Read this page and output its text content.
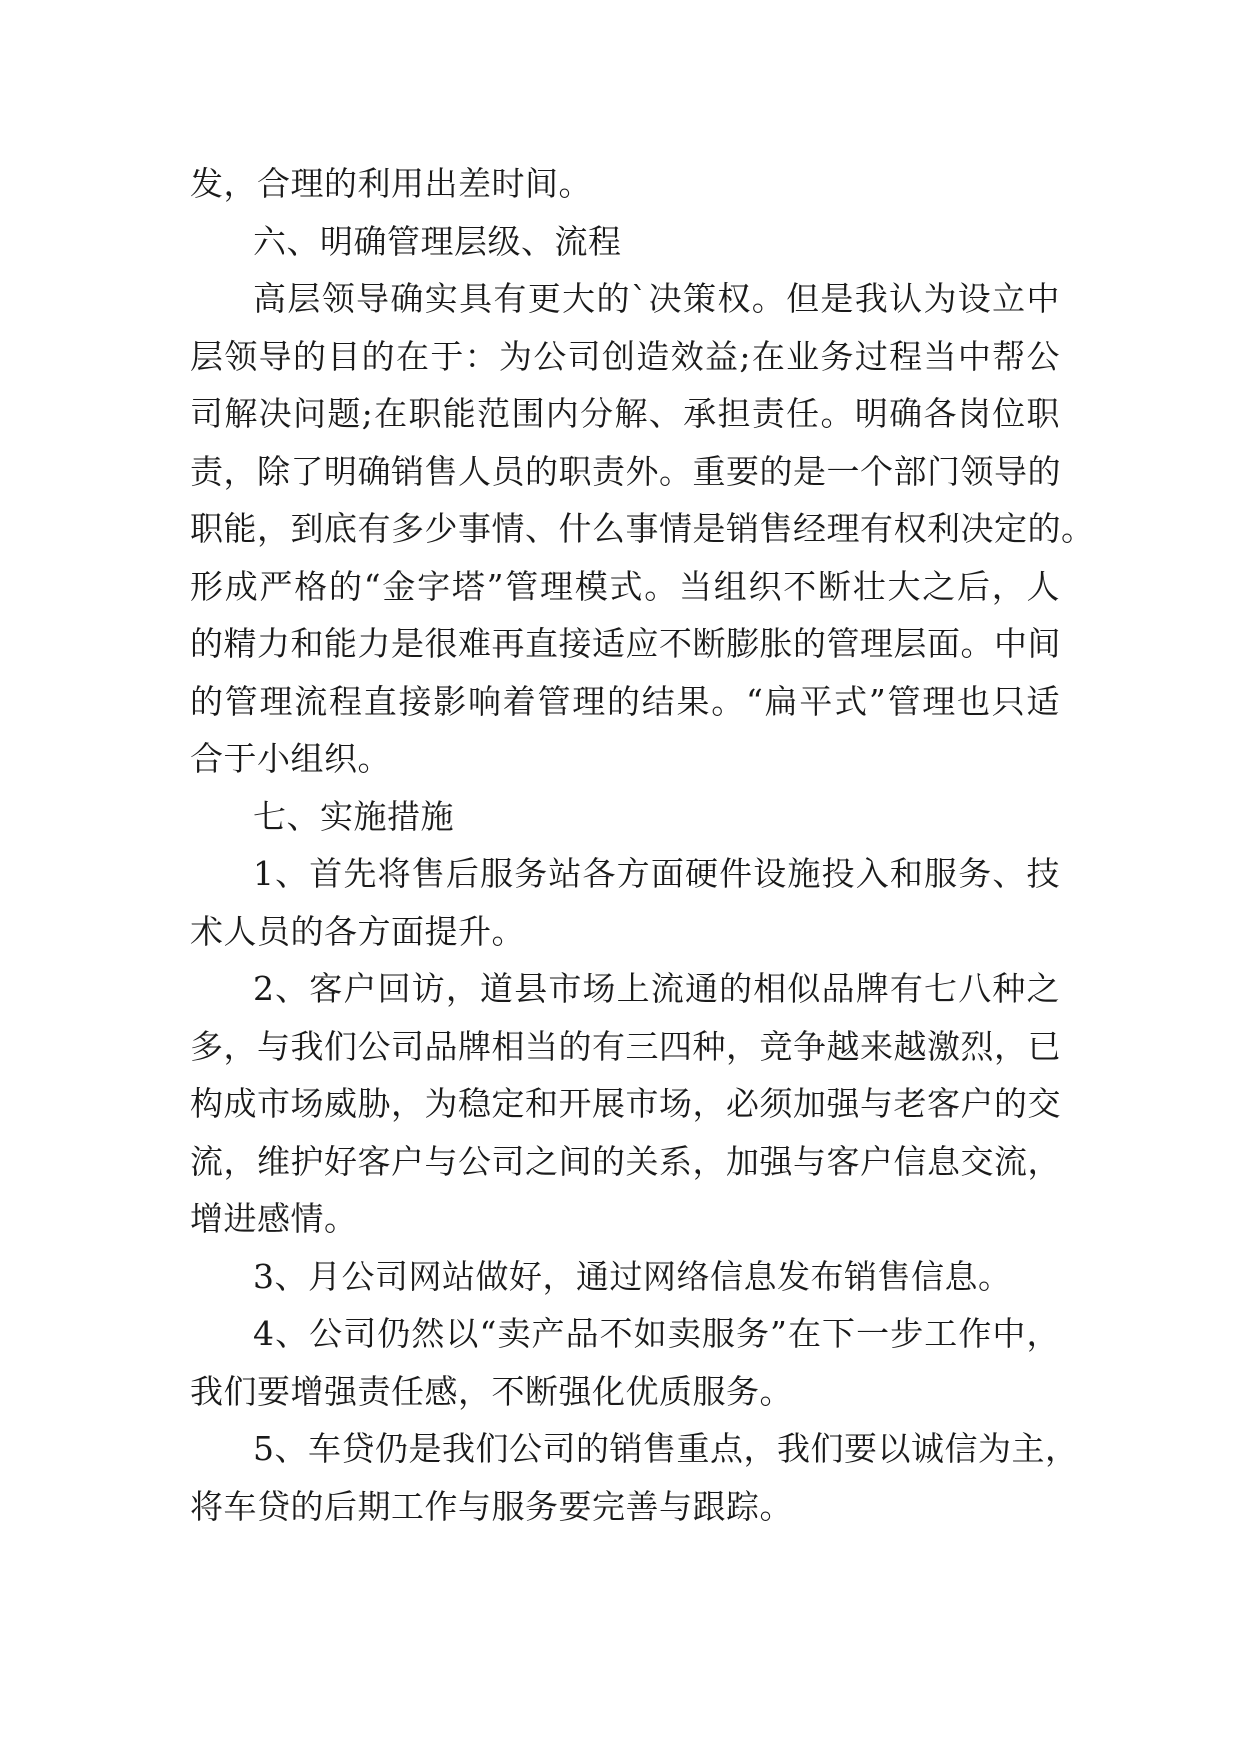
发，合理的利用出差时间。
六、明确管理层级、流程
高层领导确实具有更大的`决策权。但是我认为设立中
层领导的目的在于：为公司创造效益;在业务过程当中帮公
司解决问题;在职能范围内分解、承担责任。明确各岗位职
责，除了明确销售人员的职责外。重要的是一个部门领导的
职能，到底有多少事情、什么事情是销售经理有权利决定的。
形成严格的“金字塔”管理模式。当组织不断壮大之后，人
的精力和能力是很难再直接适应不断膨胀的管理层面。中间
的管理流程直接影响着管理的结果。“扁平式”管理也只适
合于小组织。
七、实施措施
1、首先将售后服务站各方面硬件设施投入和服务、技
术人员的各方面提升。
2、客户回访，道县市场上流通的相似品牌有七八种之
多，与我们公司品牌相当的有三四种，竞争越来越激烈，已
构成市场威胁，为稳定和开展市场，必须加强与老客户的交
流，维护好客户与公司之间的关系，加强与客户信息交流，
增进感情。
3、月公司网站做好，通过网络信息发布销售信息。
4、公司仍然以“卖产品不如卖服务”在下一步工作中，
我们要增强责任感，不断强化优质服务。
5、车贷仍是我们公司的销售重点，我们要以诚信为主，
将车贷的后期工作与服务要完善与跟踪。
